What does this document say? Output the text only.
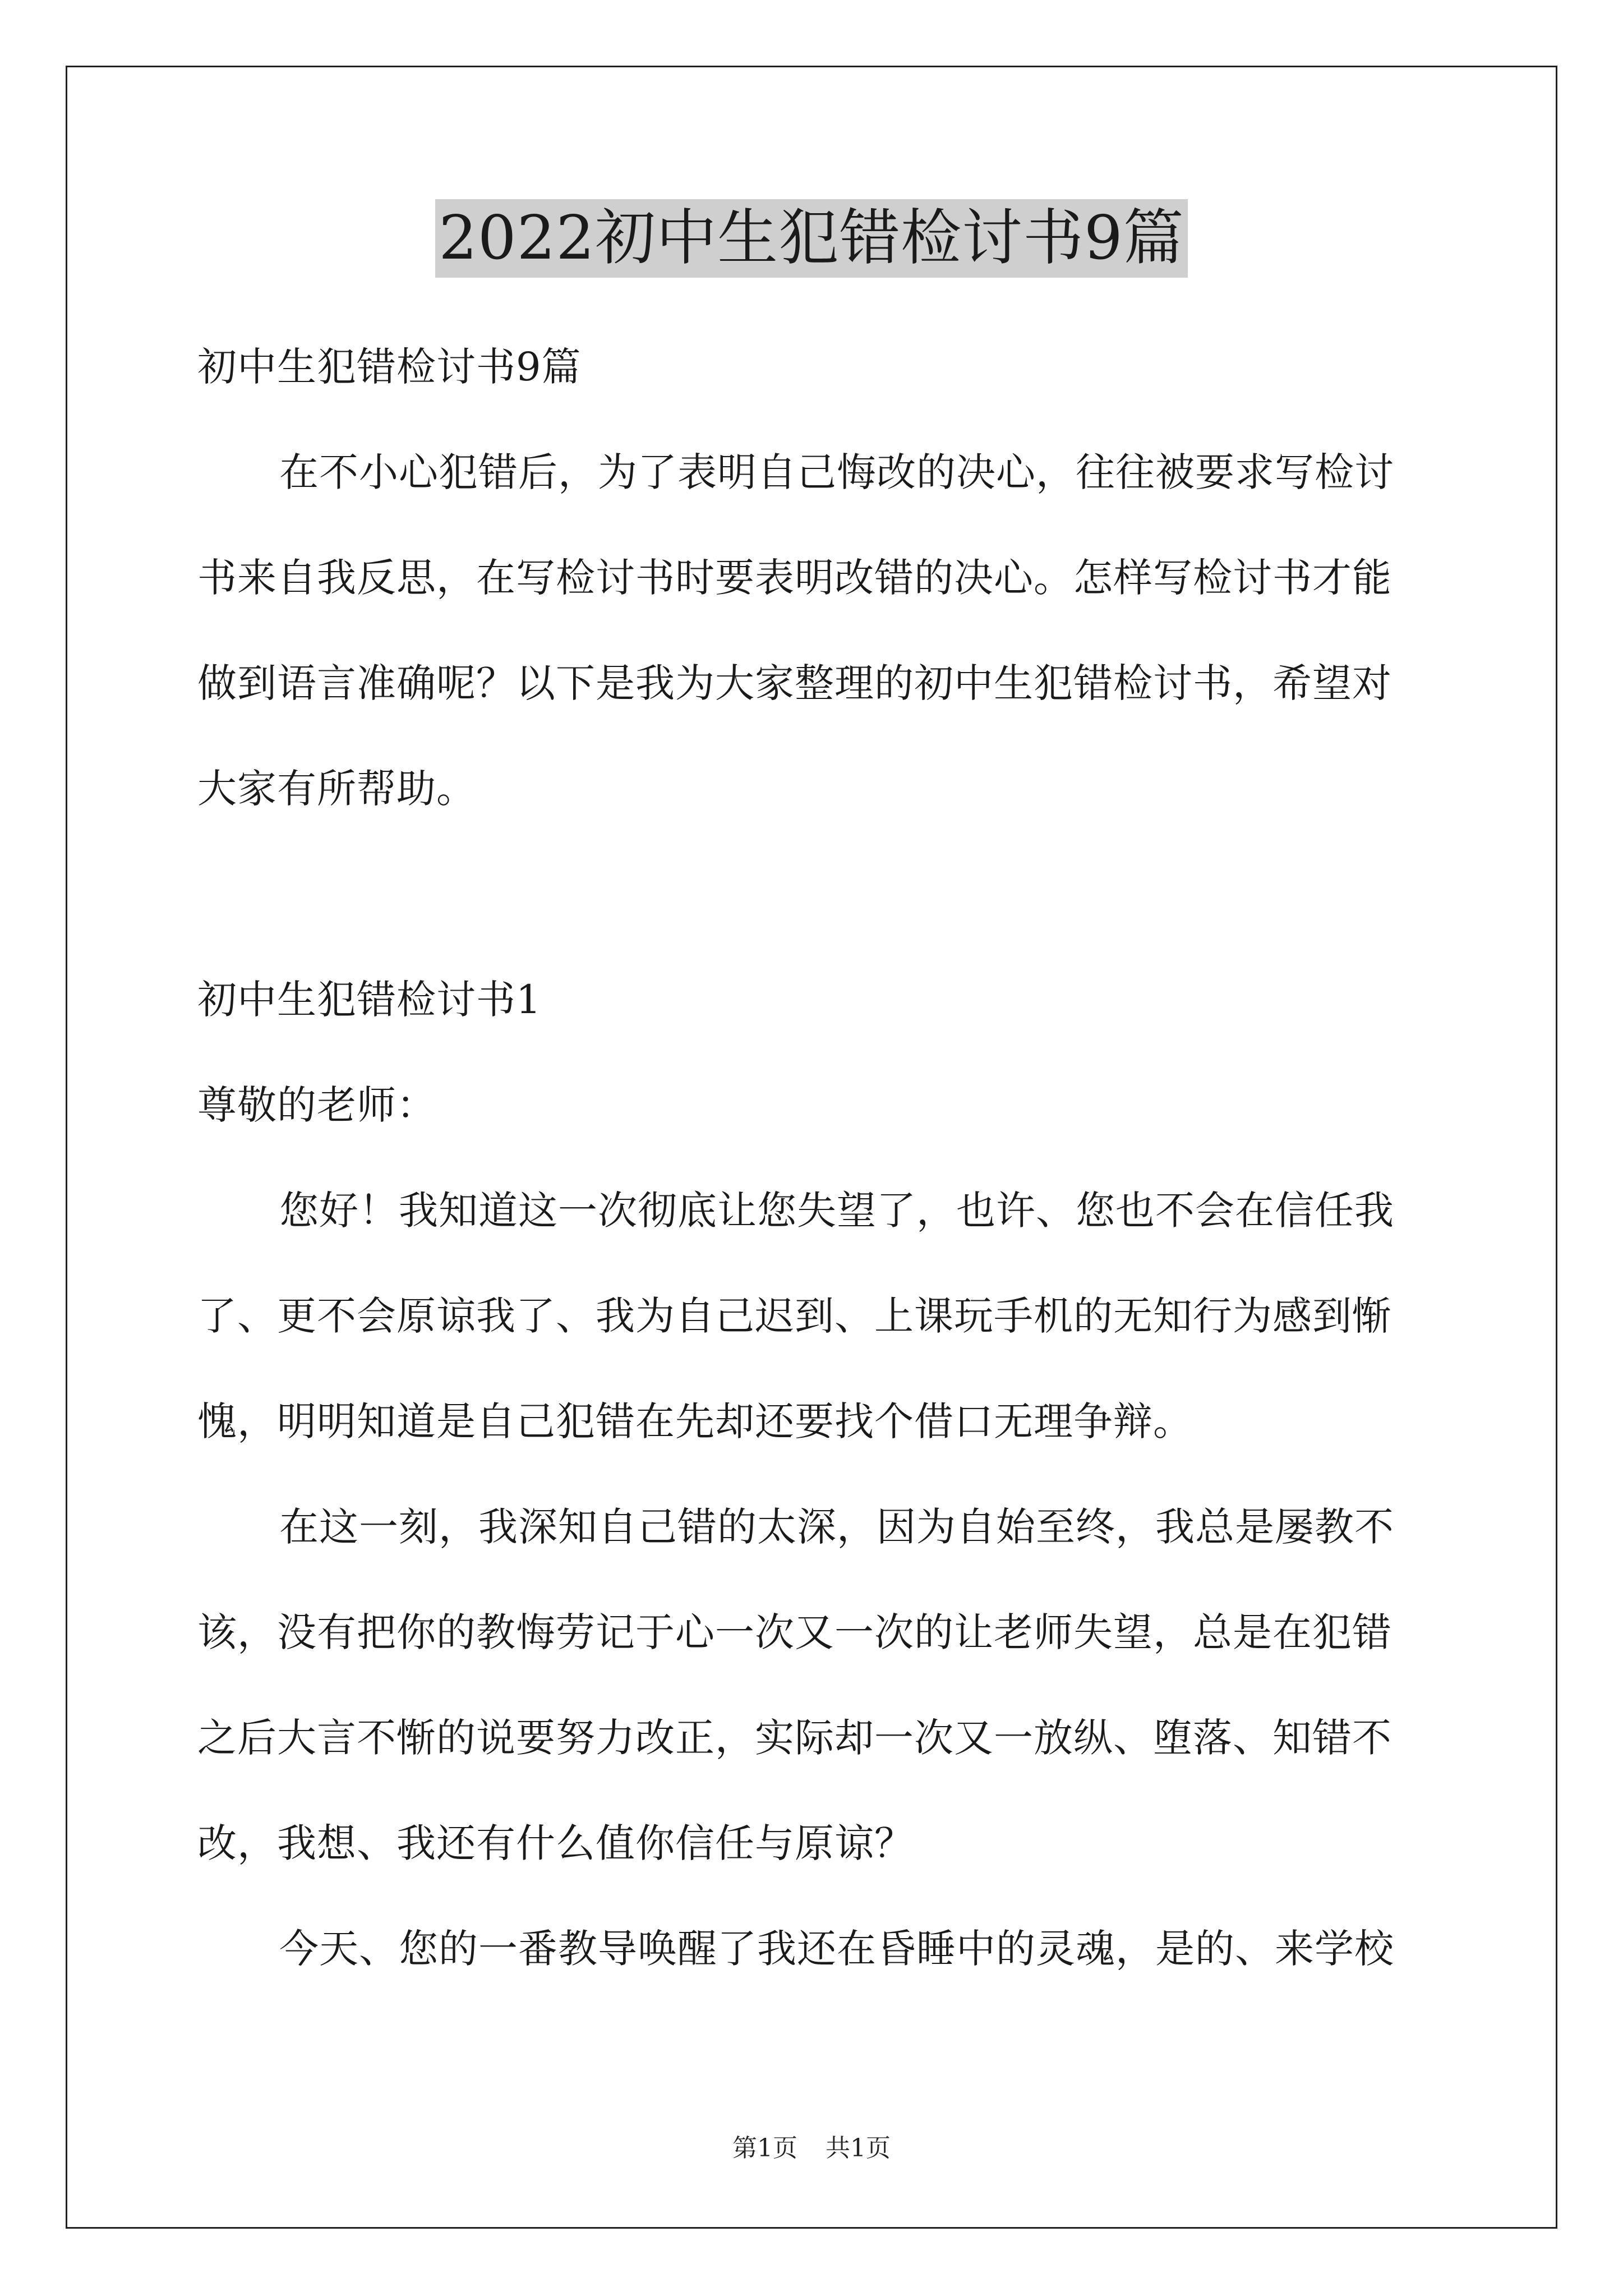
2022初中生犯错检讨书9篇
初中生犯错检讨书9篇
在不小心犯错后，为了表明自己悔改的决心，往往被要求写检讨
书来自我反思，在写检讨书时要表明改错的决心。怎样写检讨书才能
做到语言准确呢？以下是我为大家整理的初中生犯错检讨书，希望对
大家有所帮助。
初中生犯错检讨书1
尊敬的老师：
您好！我知道这一次彻底让您失望了，也许、您也不会在信任我
了、更不会原谅我了、我为自己迟到、上课玩手机的无知行为感到惭
愧，明明知道是自己犯错在先却还要找个借口无理争辩。
在这一刻，我深知自己错的太深，因为自始至终，我总是屡教不
该，没有把你的教悔劳记于心一次又一次的让老师失望，总是在犯错
之后大言不惭的说要努力改正，实际却一次又一放纵、堕落、知错不
改，我想、我还有什么值你信任与原谅？
今天、您的一番教导唤醒了我还在昏睡中的灵魂，是的、来学校
第1页 共1页
